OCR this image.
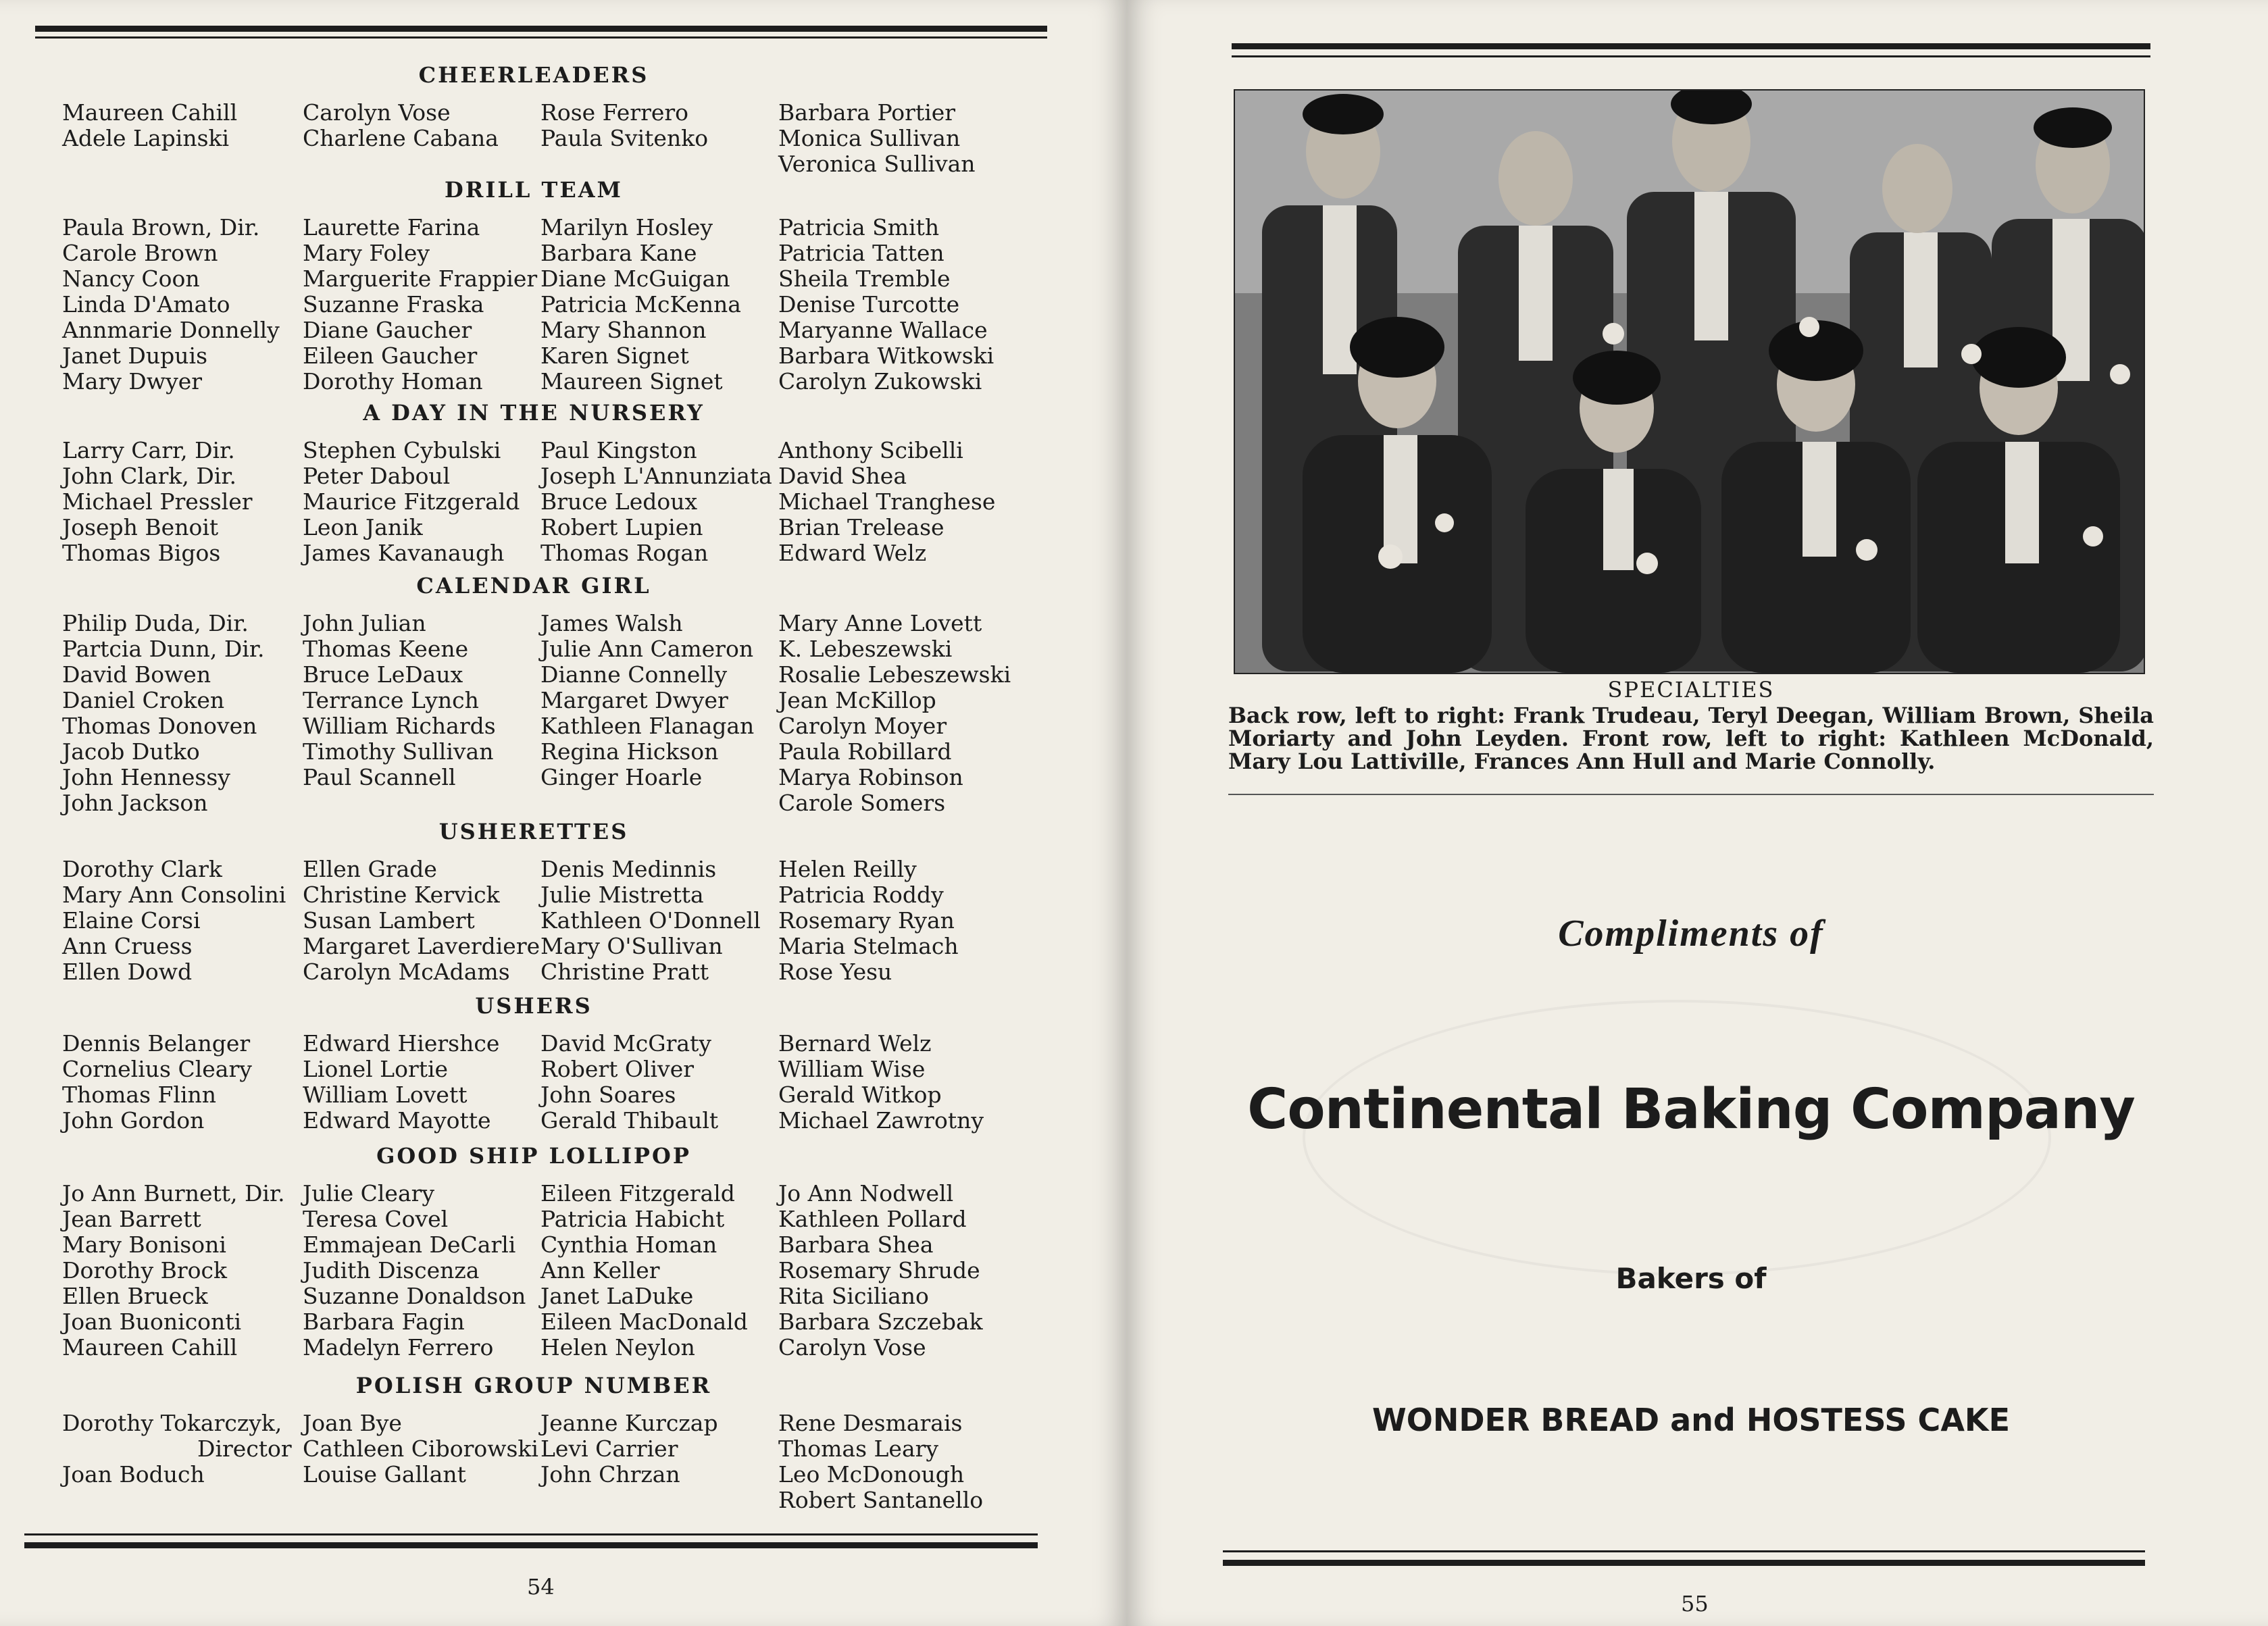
CHEERLEADERS
Maureen Cahill
Adele Lapinski
Carolyn Vose
Charlene Cabana
Rose Ferrero
Paula Svitenko
Barbara Portier
Monica Sullivan
Veronica Sullivan
DRILL TEAM
Paula Brown, Dir.
Carole Brown
Nancy Coon
Linda D'Amato
Annmarie Donnelly
Janet Dupuis
Mary Dwyer
Laurette Farina
Mary Foley
Marguerite Frappier
Suzanne Fraska
Diane Gaucher
Eileen Gaucher
Dorothy Homan
Marilyn Hosley
Barbara Kane
Diane McGuigan
Patricia McKenna
Mary Shannon
Karen Signet
Maureen Signet
Patricia Smith
Patricia Tatten
Sheila Tremble
Denise Turcotte
Maryanne Wallace
Barbara Witkowski
Carolyn Zukowski
A DAY IN THE NURSERY
Larry Carr, Dir.
John Clark, Dir.
Michael Pressler
Joseph Benoit
Thomas Bigos
Stephen Cybulski
Peter Daboul
Maurice Fitzgerald
Leon Janik
James Kavanaugh
Paul Kingston
Joseph L'Annunziata
Bruce Ledoux
Robert Lupien
Thomas Rogan
Anthony Scibelli
David Shea
Michael Tranghese
Brian Trelease
Edward Welz
CALENDAR GIRL
Philip Duda, Dir.
Partcia Dunn, Dir.
David Bowen
Daniel Croken
Thomas Donoven
Jacob Dutko
John Hennessy
John Jackson
John Julian
Thomas Keene
Bruce LeDaux
Terrance Lynch
William Richards
Timothy Sullivan
Paul Scannell
James Walsh
Julie Ann Cameron
Dianne Connelly
Margaret Dwyer
Kathleen Flanagan
Regina Hickson
Ginger Hoarle
Mary Anne Lovett
K. Lebeszewski
Rosalie Lebeszewski
Jean McKillop
Carolyn Moyer
Paula Robillard
Marya Robinson
Carole Somers
USHERETTES
Dorothy Clark
Mary Ann Consolini
Elaine Corsi
Ann Cruess
Ellen Dowd
Ellen Grade
Christine Kervick
Susan Lambert
Margaret Laverdiere
Carolyn McAdams
Denis Medinnis
Julie Mistretta
Kathleen O'Donnell
Mary O'Sullivan
Christine Pratt
Helen Reilly
Patricia Roddy
Rosemary Ryan
Maria Stelmach
Rose Yesu
USHERS
Dennis Belanger
Cornelius Cleary
Thomas Flinn
John Gordon
Edward Hiershce
Lionel Lortie
William Lovett
Edward Mayotte
David McGraty
Robert Oliver
John Soares
Gerald Thibault
Bernard Welz
William Wise
Gerald Witkop
Michael Zawrotny
GOOD SHIP LOLLIPOP
Jo Ann Burnett, Dir.
Jean Barrett
Mary Bonisoni
Dorothy Brock
Ellen Brueck
Joan Buoniconti
Maureen Cahill
Julie Cleary
Teresa Covel
Emmajean DeCarli
Judith Discenza
Suzanne Donaldson
Barbara Fagin
Madelyn Ferrero
Eileen Fitzgerald
Patricia Habicht
Cynthia Homan
Ann Keller
Janet LaDuke
Eileen MacDonald
Helen Neylon
Jo Ann Nodwell
Kathleen Pollard
Barbara Shea
Rosemary Shrude
Rita Siciliano
Barbara Szczebak
Carolyn Vose
POLISH GROUP NUMBER
Dorothy Tokarczyk,
Director
Joan Boduch
Joan Bye
Cathleen Ciborowski
Louise Gallant
Jeanne Kurczap
Levi Carrier
John Chrzan
Rene Desmarais
Thomas Leary
Leo McDonough
Robert Santanello
54
SPECIALTIES
Back row, left to right: Frank Trudeau, Teryl Deegan, William Brown, Sheila Moriarty and John Leyden. Front row, left to right: Kathleen McDonald, Mary Lou Lattiville, Frances Ann Hull and Marie Connolly.
Compliments of
Continental Baking Company
Bakers of
WONDER BREAD and HOSTESS CAKE
55
